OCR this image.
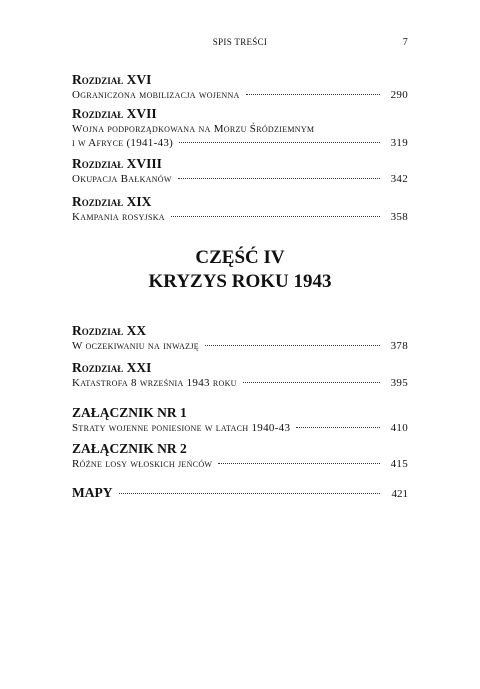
SPIS TREŚCI	7
Rozdział XVI
Ograniczona mobilizacja wojenna	290
Rozdział XVII
Wojna podporządkowana na Morzu Śródziemnym
i w Afryce (1941-43)	319
Rozdział XVIII
Okupacja Bałkanów	342
Rozdział XIX
Kampania rosyjska	358
CZĘŚĆ IV
KRYZYS ROKU 1943
Rozdział XX
W oczekiwaniu na inwazję	378
Rozdział XXI
Katastrofa 8 września 1943 roku	395
ZAŁĄCZNIK NR 1
Straty wojenne poniesione w latach 1940-43	410
ZAŁĄCZNIK NR 2
Różne losy włoskich jeńców	415
MAPY	421
